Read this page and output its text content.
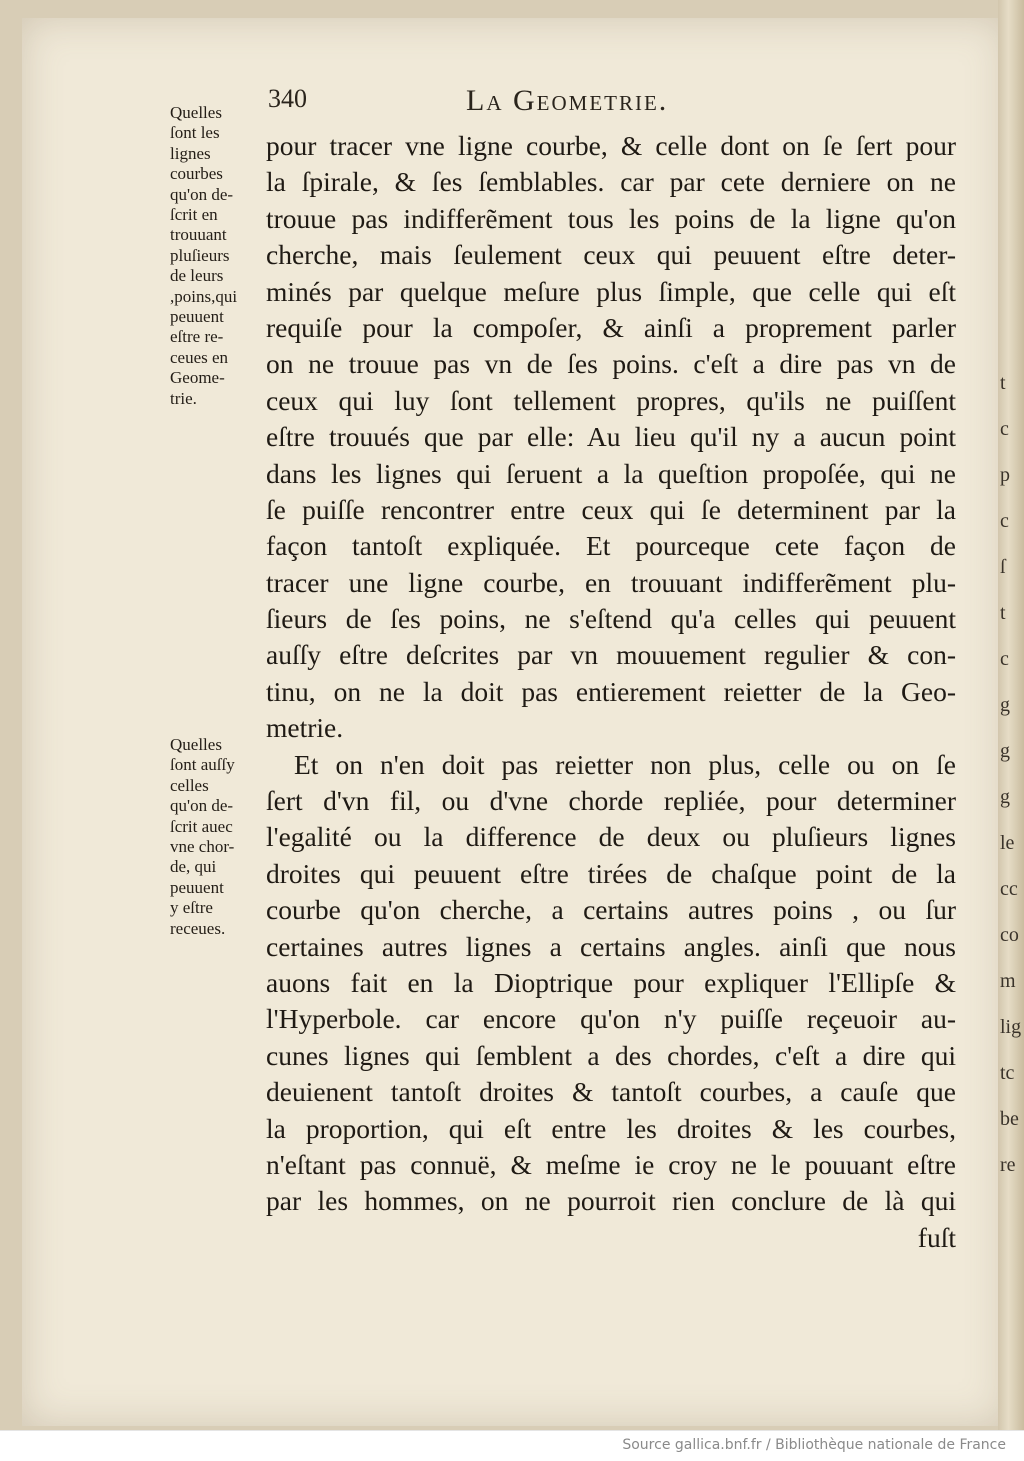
t
c
p
c
ſ
t
c
g
g
g
le
cc
co
m
lig
tc
be
re
340	La Geometrie.
Quelles
ſont les
lignes
courbes
qu'on de-
ſcrit en
trouuant
pluſieurs
de leurs
,poins,qui
peuuent
eſtre re-
ceues en
Geome-
trie.
Quelles
ſont auſſy
celles
qu'on de-
ſcrit auec
vne chor-
de, qui
peuuent
y eſtre
receues.
pour tracer vne ligne courbe, & celle dont on ſe ſert pour
la ſpirale, & ſes ſemblables. car par cete derniere on ne
trouue pas indifferẽment tous les poins de la ligne qu'on
cherche, mais ſeulement ceux qui peuuent eſtre deter-
minés par quelque meſure plus ſimple, que celle qui eſt
requiſe pour la compoſer, & ainſi a proprement parler
on ne trouue pas vn de ſes poins. c'eſt a dire pas vn de
ceux qui luy ſont tellement propres, qu'ils ne puiſſent
eſtre trouués que par elle: Au lieu qu'il ny a aucun point
dans les lignes qui ſeruent a la queſtion propoſée, qui ne
ſe puiſſe rencontrer entre ceux qui ſe determinent par la
façon tantoſt expliquée. Et pourceque cete façon de
tracer une ligne courbe, en trouuant indifferẽment plu-
ſieurs de ſes poins, ne s'eſtend qu'a celles qui peuuent
auſſy eſtre deſcrites par vn mouuement regulier & con-
tinu, on ne la doit pas entierement reietter de la Geo-
metrie.
Et on n'en doit pas reietter non plus, celle ou on ſe
ſert d'vn fil, ou d'vne chorde repliée, pour determiner
l'egalité ou la difference de deux ou pluſieurs lignes
droites qui peuuent eſtre tirées de chaſque point de la
courbe qu'on cherche, a certains autres poins , ou ſur
certaines autres lignes a certains angles. ainſi que nous
auons fait en la Dioptrique pour expliquer l'Ellipſe &
l'Hyperbole. car encore qu'on n'y puiſſe reçeuoir au-
cunes lignes qui ſemblent a des chordes, c'eſt a dire qui
deuienent tantoſt droites & tantoſt courbes, a cauſe que
la proportion, qui eſt entre les droites & les courbes,
n'eſtant pas connuë, & meſme ie croy ne le pouuant eſtre
par les hommes, on ne pourroit rien conclure de là qui
fuſt
Source gallica.bnf.fr / Bibliothèque nationale de France
